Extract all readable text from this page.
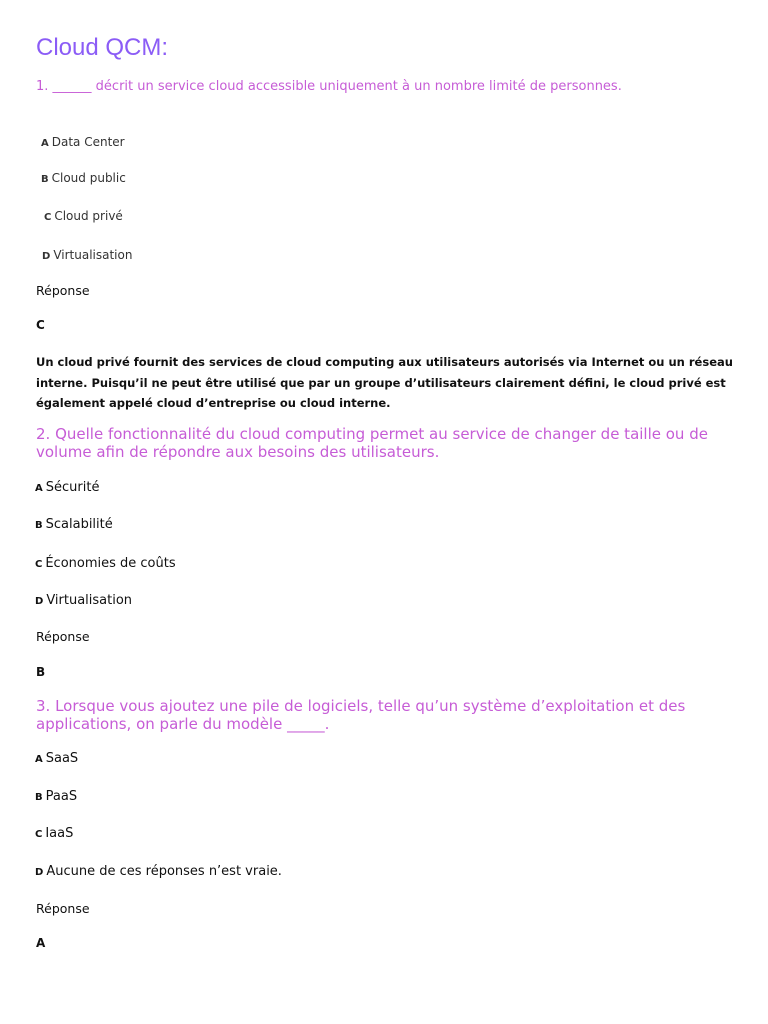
Cloud QCM:
1. ______ décrit un service cloud accessible uniquement à un nombre limité de personnes.
A Data Center
B Cloud public
C Cloud privé
D Virtualisation
Réponse
C
Un cloud privé fournit des services de cloud computing aux utilisateurs autorisés via Internet ou un réseau interne. Puisqu’il ne peut être utilisé que par un groupe d’utilisateurs clairement défini, le cloud privé est également appelé cloud d’entreprise ou cloud interne.
2. Quelle fonctionnalité du cloud computing permet au service de changer de taille ou de volume afin de répondre aux besoins des utilisateurs.
A Sécurité
B Scalabilité
C Économies de coûts
D Virtualisation
Réponse
B
3. Lorsque vous ajoutez une pile de logiciels, telle qu’un système d’exploitation et des applications, on parle du modèle _____.
A SaaS
B PaaS
C IaaS
D Aucune de ces réponses n’est vraie.
Réponse
A
